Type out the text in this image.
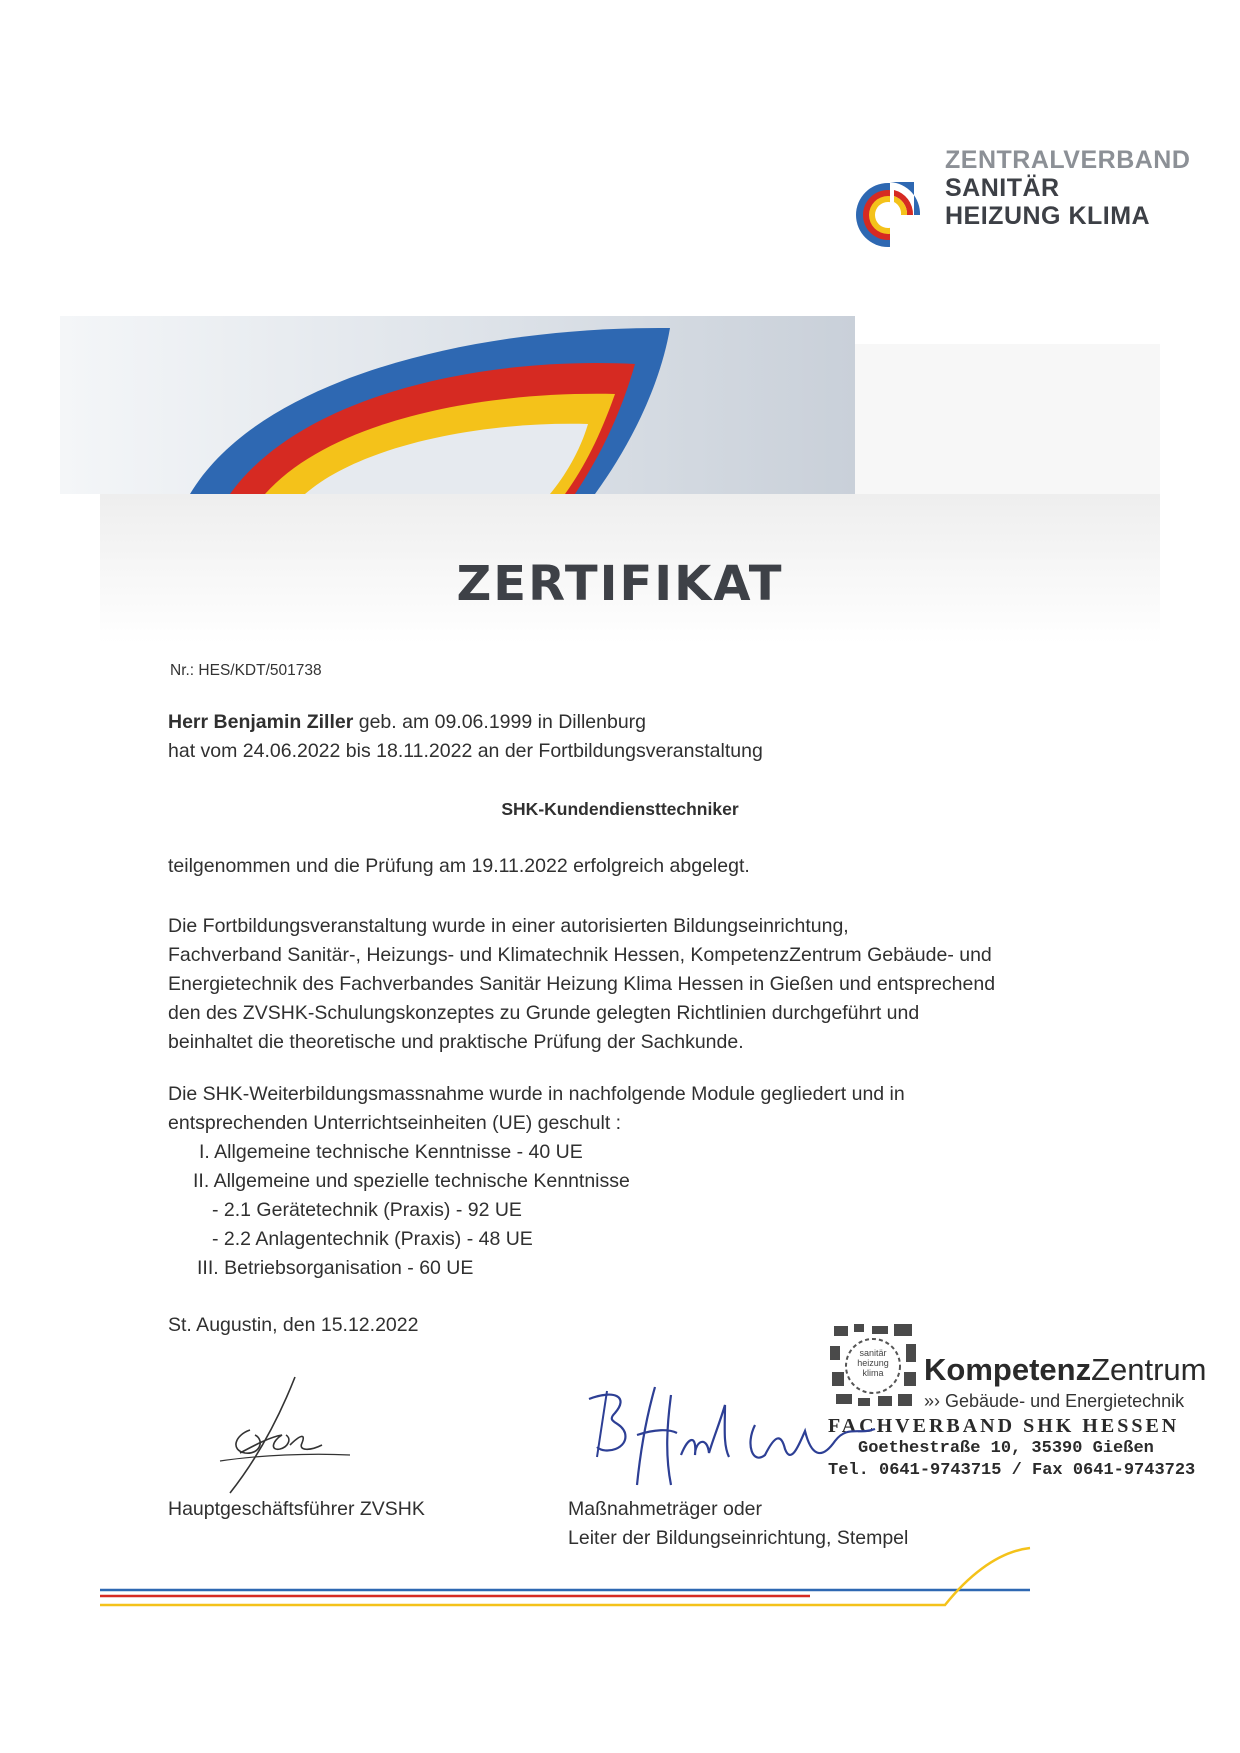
ZENTRALVERBAND
SANITÄR
HEIZUNG KLIMA
ZERTIFIKAT
Nr.: HES/KDT/501738
Herr Benjamin Ziller geb. am 09.06.1999 in Dillenburg
hat vom 24.06.2022 bis 18.11.2022 an der Fortbildungsveranstaltung
SHK-Kundendiensttechniker
teilgenommen und die Prüfung am 19.11.2022 erfolgreich abgelegt.
Die Fortbildungsveranstaltung wurde in einer autorisierten Bildungseinrichtung,
Fachverband Sanitär-, Heizungs- und Klimatechnik Hessen, KompetenzZentrum Gebäude- und
Energietechnik des Fachverbandes Sanitär Heizung Klima Hessen in Gießen und entsprechend
den des ZVSHK-Schulungskonzeptes zu Grunde gelegten Richtlinien durchgeführt und
beinhaltet die theoretische und praktische Prüfung der Sachkunde.
Die SHK-Weiterbildungsmassnahme wurde in nachfolgende Module gegliedert und in
entsprechenden Unterrichtseinheiten (UE) geschult :
I. Allgemeine technische Kenntnisse - 40 UE
II. Allgemeine und spezielle technische Kenntnisse
- 2.1 Gerätetechnik (Praxis) - 92 UE
- 2.2 Anlagentechnik (Praxis) - 48 UE
III. Betriebsorganisation - 60 UE
St. Augustin, den 15.12.2022
sanitär
heizung
klima	KompetenzZentrum
»› Gebäude- und Energietechnik
FACHVERBAND SHK HESSEN
Goethestraße 10, 35390 Gießen
Tel. 0641-9743715 / Fax 0641-9743723
Hauptgeschäftsführer ZVSHK	Maßnahmeträger oder
Leiter der Bildungseinrichtung, Stempel
